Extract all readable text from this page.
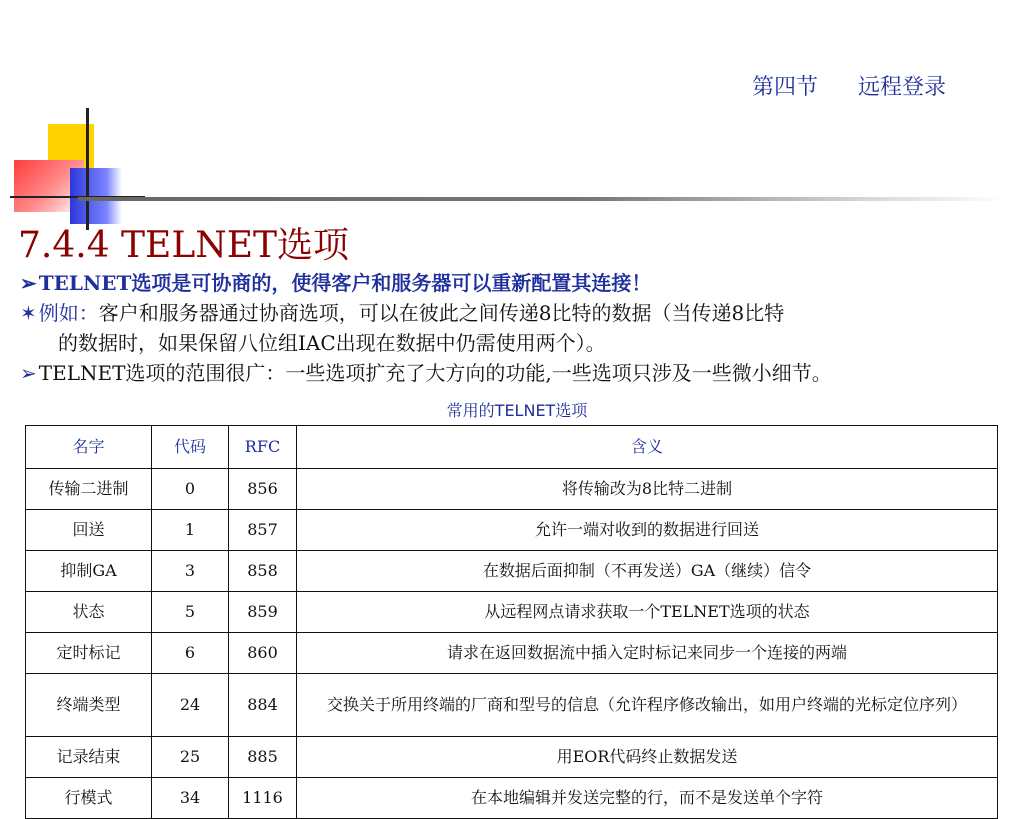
第四节 远程登录
7.4.4 TELNET选项
➢ TELNET选项是可协商的，使得客户和服务器可以重新配置其连接！
✶ 例如：客户和服务器通过协商选项，可以在彼此之间传递8比特的数据（当传递8比特
的数据时，如果保留八位组IAC出现在数据中仍需使用两个）。
➢ TELNET选项的范围很广：一些选项扩充了大方向的功能,一些选项只涉及一些微小细节。
常用的TELNET选项
名字	代码	RFC	含义
传输二进制	0	856	将传输改为8比特二进制
回送	1	857	允许一端对收到的数据进行回送
抑制GA	3	858	在数据后面抑制（不再发送）GA（继续）信令
状态	5	859	从远程网点请求获取一个TELNET选项的状态
定时标记	6	860	请求在返回数据流中插入定时标记来同步一个连接的两端
终端类型	24	884	交换关于所用终端的厂商和型号的信息（允许程序修改输出，如用户终端的光标定位序列）
记录结束	25	885	用EOR代码终止数据发送
行模式	34	1116	在本地编辑并发送完整的行，而不是发送单个字符
